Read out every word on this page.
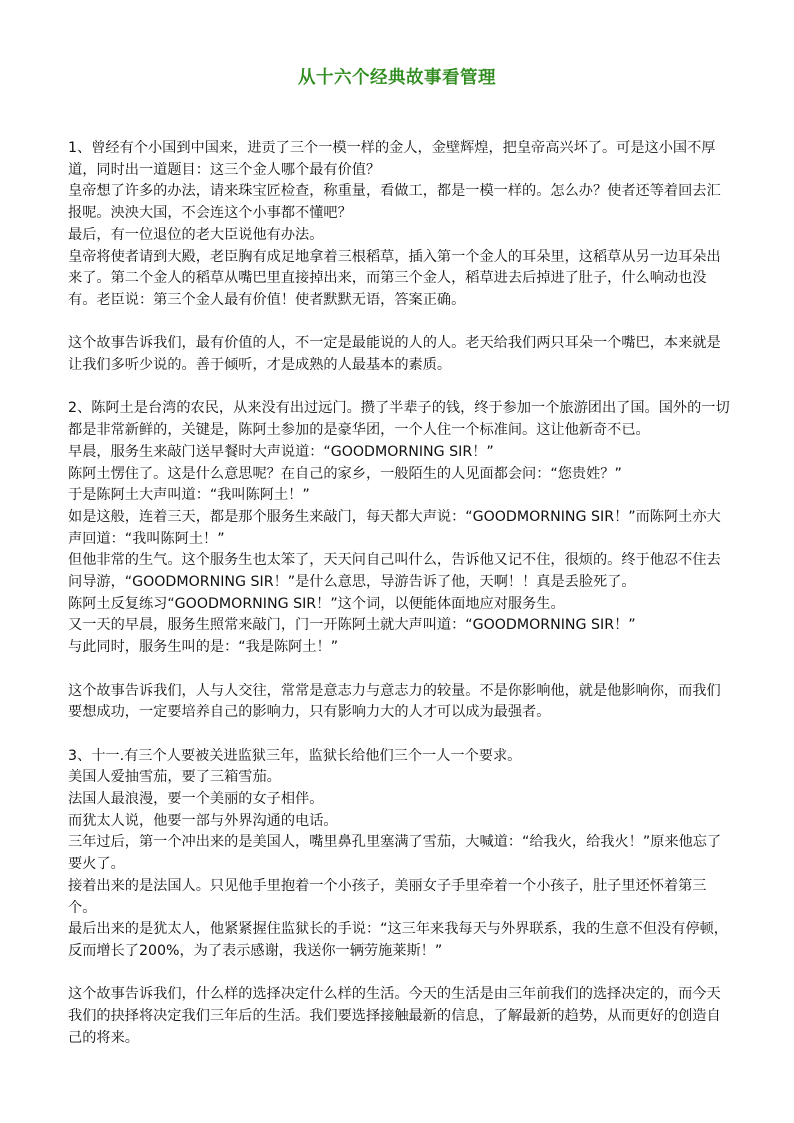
从十六个经典故事看管理

1、曾经有个小国到中国来，进贡了三个一模一样的金人，金壁辉煌，把皇帝高兴坏了。可是这小国不厚道，同时出一道题目：这三个金人哪个最有价值？

皇帝想了许多的办法，请来珠宝匠检查，称重量，看做工，都是一模一样的。怎么办？使者还等着回去汇报呢。泱泱大国，不会连这个小事都不懂吧？

最后，有一位退位的老大臣说他有办法。

皇帝将使者请到大殿，老臣胸有成足地拿着三根稻草，插入第一个金人的耳朵里，这稻草从另一边耳朵出来了。第二个金人的稻草从嘴巴里直接掉出来，而第三个金人，稻草进去后掉进了肚子，什么响动也没有。老臣说：第三个金人最有价值！使者默默无语，答案正确。

这个故事告诉我们，最有价值的人，不一定是最能说的人的人。老天给我们两只耳朵一个嘴巴，本来就是让我们多听少说的。善于倾听，才是成熟的人最基本的素质。

2、陈阿土是台湾的农民，从来没有出过远门。攒了半辈子的钱，终于参加一个旅游团出了国。国外的一切都是非常新鲜的，关键是，陈阿土参加的是豪华团，一个人住一个标准间。这让他新奇不已。

早晨，服务生来敲门送早餐时大声说道：“GOODMORNING SIR！”

陈阿土愣住了。这是什么意思呢？在自己的家乡，一般陌生的人见面都会问：“您贵姓？”

于是陈阿土大声叫道：“我叫陈阿土！”

如是这般，连着三天，都是那个服务生来敲门，每天都大声说：“GOODMORNING SIR！”而陈阿土亦大声回道：“我叫陈阿土！”

但他非常的生气。这个服务生也太笨了，天天问自己叫什么，告诉他又记不住，很烦的。终于他忍不住去问导游，“GOODMORNING SIR！”是什么意思，导游告诉了他，天啊！！真是丢脸死了。

陈阿土反复练习“GOODMORNING SIR！”这个词，以便能体面地应对服务生。

又一天的早晨，服务生照常来敲门，门一开陈阿土就大声叫道：“GOODMORNING SIR！”

与此同时，服务生叫的是：“我是陈阿土！”

这个故事告诉我们，人与人交往，常常是意志力与意志力的较量。不是你影响他，就是他影响你，而我们要想成功，一定要培养自己的影响力，只有影响力大的人才可以成为最强者。

3、十一.有三个人要被关进监狱三年，监狱长给他们三个一人一个要求。

美国人爱抽雪茄，要了三箱雪茄。

法国人最浪漫，要一个美丽的女子相伴。

而犹太人说，他要一部与外界沟通的电话。

三年过后，第一个冲出来的是美国人，嘴里鼻孔里塞满了雪茄，大喊道：“给我火，给我火！”原来他忘了要火了。

接着出来的是法国人。只见他手里抱着一个小孩子，美丽女子手里牵着一个小孩子，肚子里还怀着第三个。

最后出来的是犹太人，他紧紧握住监狱长的手说：“这三年来我每天与外界联系，我的生意不但没有停顿，反而增长了200%，为了表示感谢，我送你一辆劳施莱斯！”

这个故事告诉我们，什么样的选择决定什么样的生活。今天的生活是由三年前我们的选择决定的，而今天我们的抉择将决定我们三年后的生活。我们要选择接触最新的信息，了解最新的趋势，从而更好的创造自己的将来。
